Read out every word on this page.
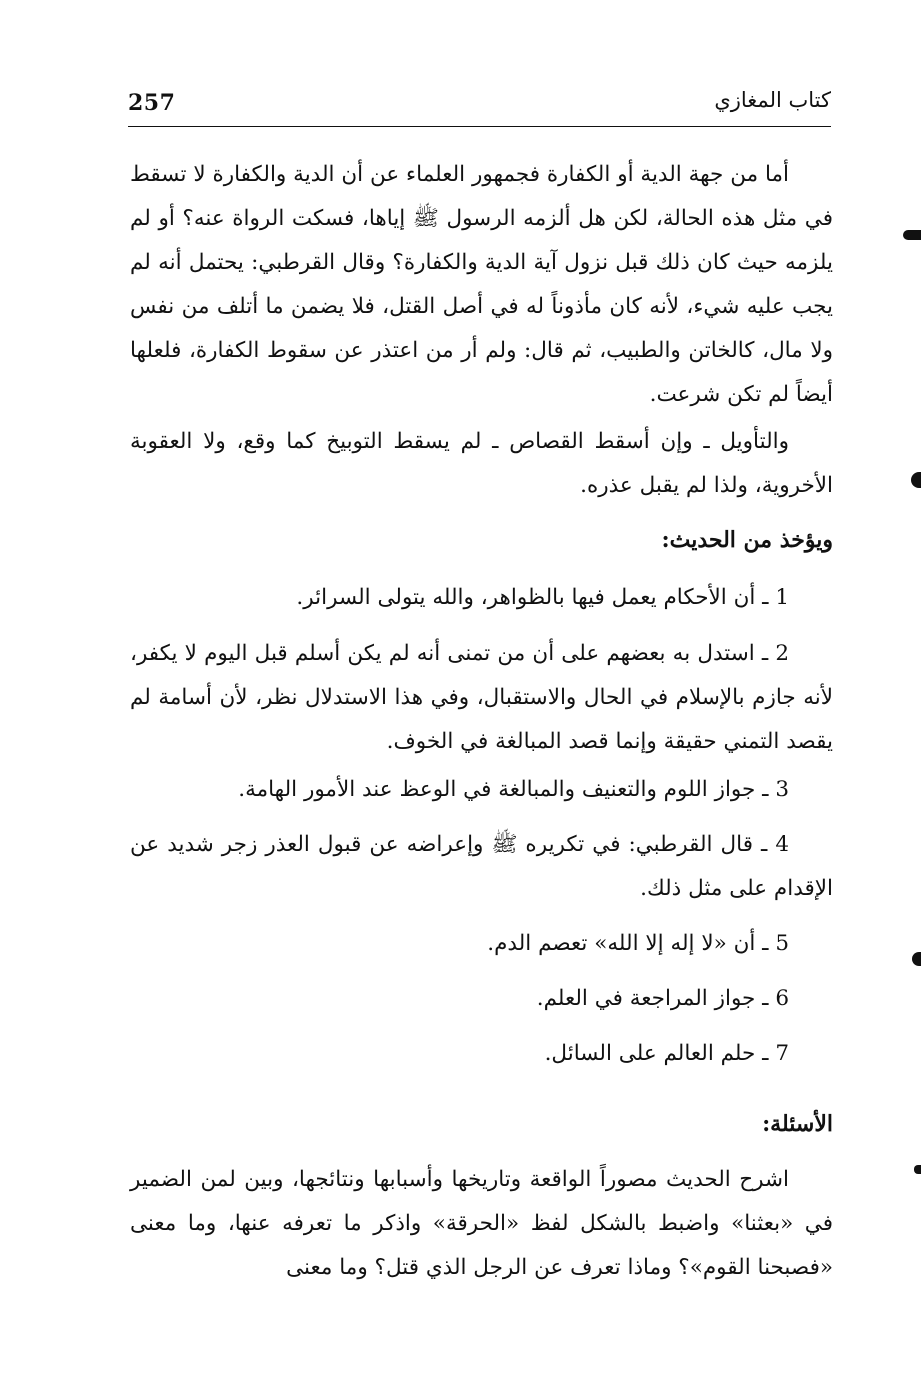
257	كتاب المغازي

أما من جهة الدية أو الكفارة فجمهور العلماء عن أن الدية والكفارة لا تسقط في مثل هذه الحالة، لكن هل ألزمه الرسول ﷺ إياها، فسكت الرواة عنه؟ أو لم يلزمه حيث كان ذلك قبل نزول آية الدية والكفارة؟ وقال القرطبي: يحتمل أنه لم يجب عليه شيء، لأنه كان مأذوناً له في أصل القتل، فلا يضمن ما أتلف من نفس ولا مال، كالخاتن والطبيب، ثم قال: ولم أر من اعتذر عن سقوط الكفارة، فلعلها أيضاً لم تكن شرعت.

والتأويل ـ وإن أسقط القصاص ـ لم يسقط التوبيخ كما وقع، ولا العقوبة الأخروية، ولذا لم يقبل عذره.

ويؤخذ من الحديث:

1 ـ أن الأحكام يعمل فيها بالظواهر، والله يتولى السرائر.

2 ـ استدل به بعضهم على أن من تمنى أنه لم يكن أسلم قبل اليوم لا يكفر، لأنه جازم بالإسلام في الحال والاستقبال، وفي هذا الاستدلال نظر، لأن أسامة لم يقصد التمني حقيقة وإنما قصد المبالغة في الخوف.

3 ـ جواز اللوم والتعنيف والمبالغة في الوعظ عند الأمور الهامة.

4 ـ قال القرطبي: في تكريره ﷺ وإعراضه عن قبول العذر زجر شديد عن الإقدام على مثل ذلك.

5 ـ أن «لا إله إلا الله» تعصم الدم.

6 ـ جواز المراجعة في العلم.

7 ـ حلم العالم على السائل.

الأسئلة:

اشرح الحديث مصوراً الواقعة وتاريخها وأسبابها ونتائجها، وبين لمن الضمير في «بعثنا» واضبط بالشكل لفظ «الحرقة» واذكر ما تعرفه عنها، وما معنى «فصبحنا القوم»؟ وماذا تعرف عن الرجل الذي قتل؟ وما معنى
